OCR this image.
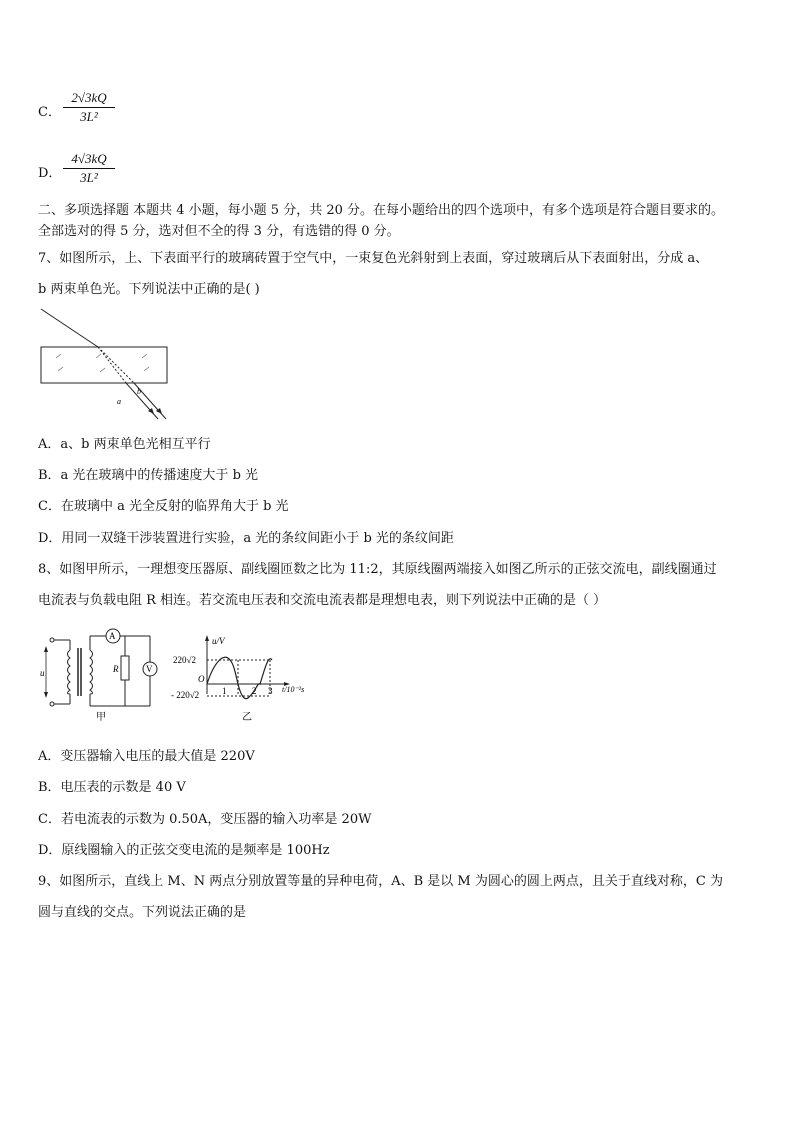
C．
2√3kQ
3L²
D．
4√3kQ
3L²
二、多项选择题 本题共 4 小题，每小题 5 分，共 20 分。在每小题给出的四个选项中，有多个选项是符合题目要求的。
全部选对的得 5 分，选对但不全的得 3 分，有选错的得 0 分。
7、如图所示，上、下表面平行的玻璃砖置于空气中，一束复色光斜射到上表面，穿过玻璃后从下表面射出，分成 a、
b 两束单色光。下列说法中正确的是( )
b
a
A．a、b 两束单色光相互平行
B．a 光在玻璃中的传播速度大于 b 光
C．在玻璃中 a 光全反射的临界角大于 b 光
D．用同一双缝干涉装置进行实验，a 光的条纹间距小于 b 光的条纹间距
8、如图甲所示，一理想变压器原、副线圈匝数之比为 11:2，其原线圈两端接入如图乙所示的正弦交流电，副线圈通过
电流表与负载电阻 R 相连。若交流电压表和交流电流表都是理想电表，则下列说法中正确的是（ ）
u
A
R	V
甲
u/V
220√2
- 220√2
O
1	2 3 t/10⁻²s
乙
A．变压器输入电压的最大值是 220V
B．电压表的示数是 40 V
C．若电流表的示数为 0.50A，变压器的输入功率是 20W
D．原线圈输入的正弦交变电流的是频率是 100Hz
9、如图所示，直线上 M、N 两点分别放置等量的异种电荷，A、B 是以 M 为圆心的圆上两点，且关于直线对称，C 为
圆与直线的交点。下列说法正确的是
